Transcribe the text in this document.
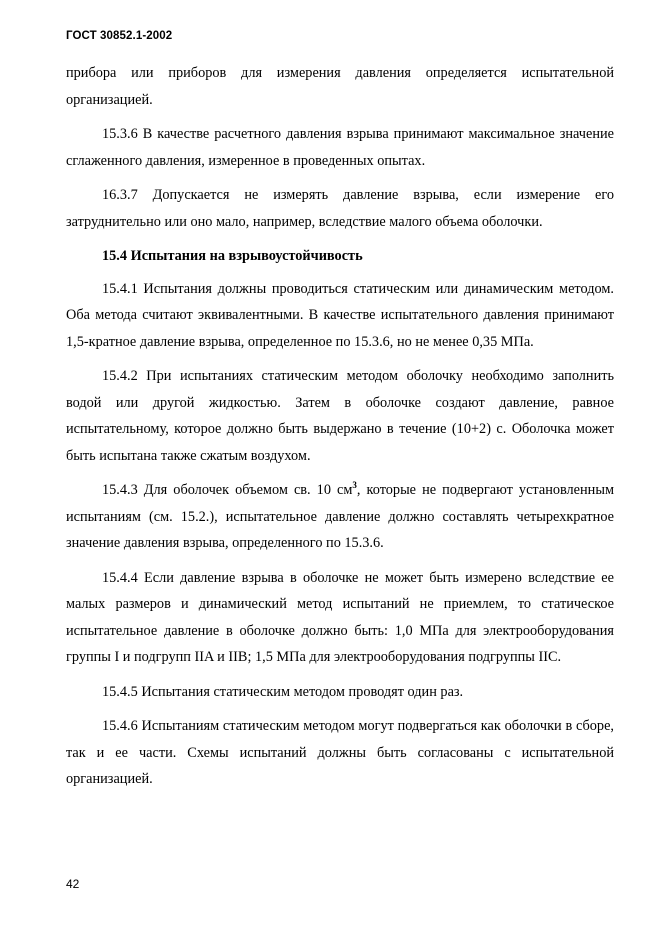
ГОСТ 30852.1-2002

прибора или приборов для измерения давления определяется испытательной организацией.

15.3.6 В качестве расчетного давления взрыва принимают максимальное значение сглаженного давления, измеренное в проведенных опытах.

16.3.7 Допускается не измерять давление взрыва, если измерение его затруднительно или оно мало, например, вследствие малого объема оболочки.

15.4 Испытания на взрывоустойчивость

15.4.1 Испытания должны проводиться статическим или динамическим методом. Оба метода считают эквивалентными. В качестве испытательного давления принимают 1,5-кратное давление взрыва, определенное по 15.3.6, но не менее 0,35 МПа.

15.4.2 При испытаниях статическим методом оболочку необходимо заполнить водой или другой жидкостью. Затем в оболочке создают давление, равное испытательному, которое должно быть выдержано в течение (10+2) с. Оболочка может быть испытана также сжатым воздухом.

15.4.3 Для оболочек объемом св. 10 $см^3$, которые не подвергают установленным испытаниям (см. 15.2.), испытательное давление должно составлять четырехкратное значение давления взрыва, определенного по 15.3.6.

15.4.4 Если давление взрыва в оболочке не может быть измерено вследствие ее малых размеров и динамический метод испытаний не приемлем, то статическое испытательное давление в оболочке должно быть: 1,0 МПа для электрооборудования группы I и подгрупп IIA и IIB; 1,5 МПа для электрооборудования подгруппы IIC.

15.4.5 Испытания статическим методом проводят один раз.

15.4.6 Испытаниям статическим методом могут подвергаться как оболочки в сборе, так и ее части. Схемы испытаний должны быть согласованы с испытательной организацией.

42
